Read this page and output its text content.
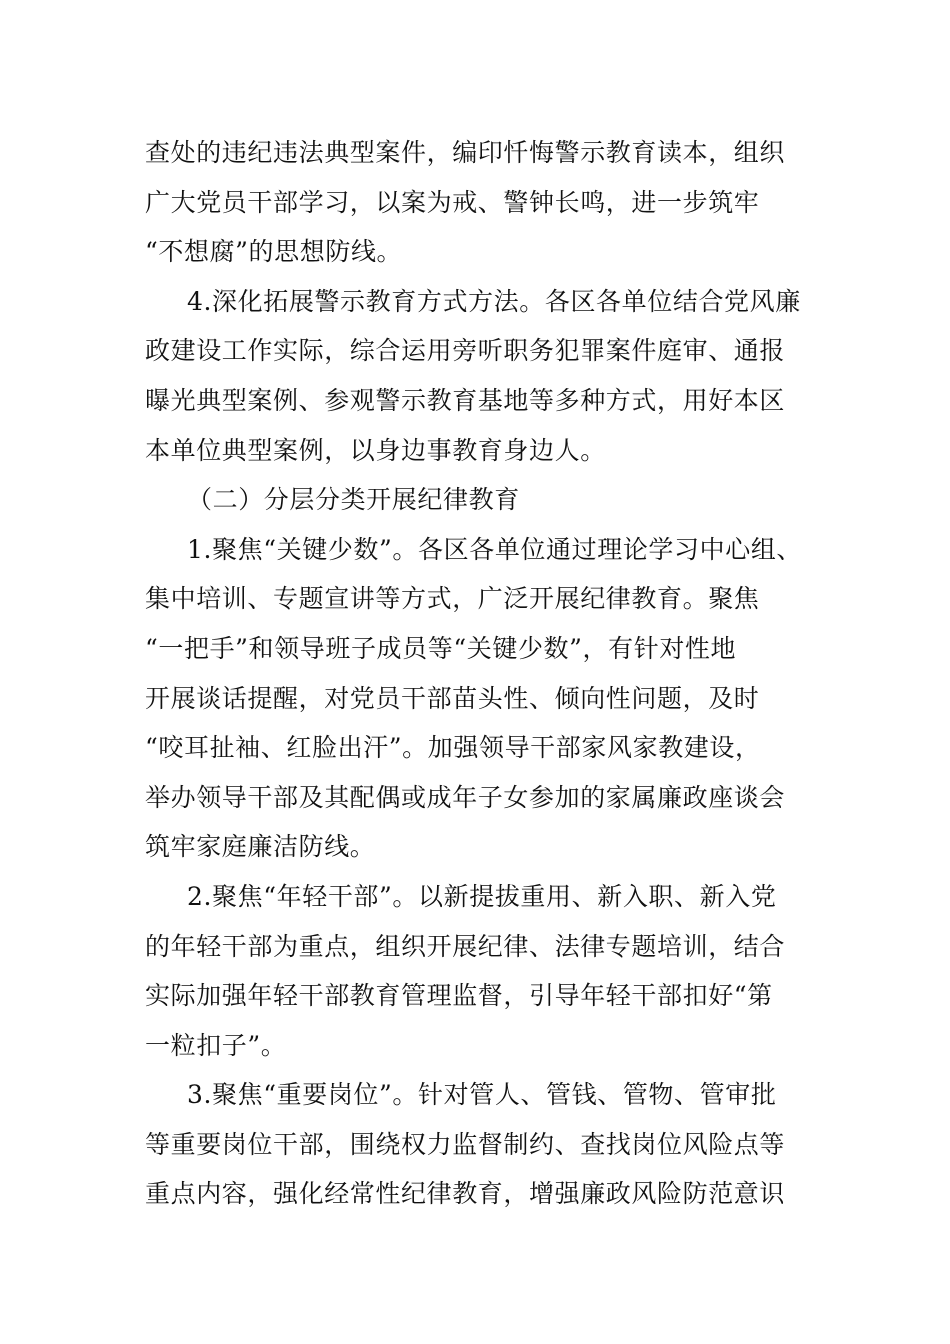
查处的违纪违法典型案件，编印忏悔警示教育读本，组织
广大党员干部学习，以案为戒、警钟长鸣，进一步筑牢
“不想腐”的思想防线。
4.深化拓展警示教育方式方法。各区各单位结合党风廉
政建设工作实际，综合运用旁听职务犯罪案件庭审、通报
曝光典型案例、参观警示教育基地等多种方式，用好本区
本单位典型案例，以身边事教育身边人。
（二）分层分类开展纪律教育
1.聚焦“关键少数”。各区各单位通过理论学习中心组、
集中培训、专题宣讲等方式，广泛开展纪律教育。聚焦
“一把手”和领导班子成员等“关键少数”，有针对性地
开展谈话提醒，对党员干部苗头性、倾向性问题，及时
“咬耳扯袖、红脸出汗”。加强领导干部家风家教建设，
举办领导干部及其配偶或成年子女参加的家属廉政座谈会
筑牢家庭廉洁防线。
2.聚焦“年轻干部”。以新提拔重用、新入职、新入党
的年轻干部为重点，组织开展纪律、法律专题培训，结合
实际加强年轻干部教育管理监督，引导年轻干部扣好“第
一粒扣子”。
3.聚焦“重要岗位”。针对管人、管钱、管物、管审批
等重要岗位干部，围绕权力监督制约、查找岗位风险点等
重点内容，强化经常性纪律教育，增强廉政风险防范意识
